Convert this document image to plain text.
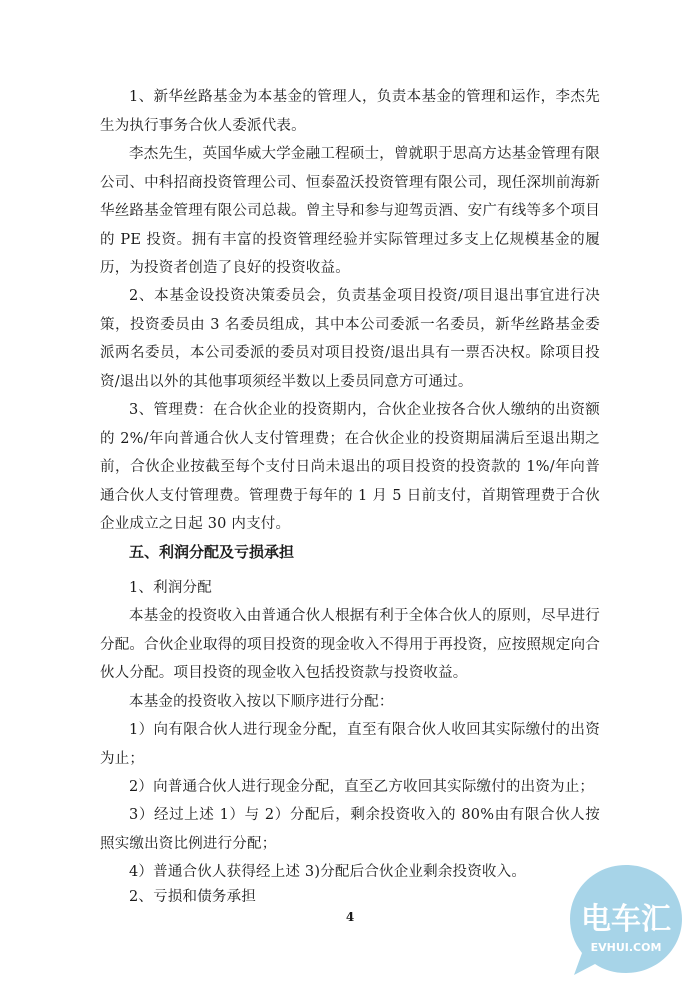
1、新华丝路基金为本基金的管理人，负责本基金的管理和运作，李杰先生为执行事务合伙人委派代表。

李杰先生，英国华威大学金融工程硕士，曾就职于思高方达基金管理有限公司、中科招商投资管理公司、恒泰盈沃投资管理有限公司，现任深圳前海新华丝路基金管理有限公司总裁。曾主导和参与迎驾贡酒、安广有线等多个项目的 PE 投资。拥有丰富的投资管理经验并实际管理过多支上亿规模基金的履历，为投资者创造了良好的投资收益。

2、本基金设投资决策委员会，负责基金项目投资/项目退出事宜进行决策，投资委员由 3 名委员组成，其中本公司委派一名委员，新华丝路基金委派两名委员，本公司委派的委员对项目投资/退出具有一票否决权。除项目投资/退出以外的其他事项须经半数以上委员同意方可通过。

3、管理费：在合伙企业的投资期内，合伙企业按各合伙人缴纳的出资额的 2%/年向普通合伙人支付管理费；在合伙企业的投资期届满后至退出期之前，合伙企业按截至每个支付日尚未退出的项目投资的投资款的 1%/年向普通合伙人支付管理费。管理费于每年的 1 月 5 日前支付，首期管理费于合伙企业成立之日起 30 内支付。

五、利润分配及亏损承担

1、利润分配

本基金的投资收入由普通合伙人根据有利于全体合伙人的原则，尽早进行分配。合伙企业取得的项目投资的现金收入不得用于再投资，应按照规定向合伙人分配。项目投资的现金收入包括投资款与投资收益。

本基金的投资收入按以下顺序进行分配：

1）向有限合伙人进行现金分配，直至有限合伙人收回其实际缴付的出资为止；

2）向普通合伙人进行现金分配，直至乙方收回其实际缴付的出资为止；

3）经过上述 1）与 2）分配后，剩余投资收入的 80%由有限合伙人按照实缴出资比例进行分配；

4）普通合伙人获得经上述 3)分配后合伙企业剩余投资收入。

2、亏损和债务承担

4	电车汇
EVHUI.COM
